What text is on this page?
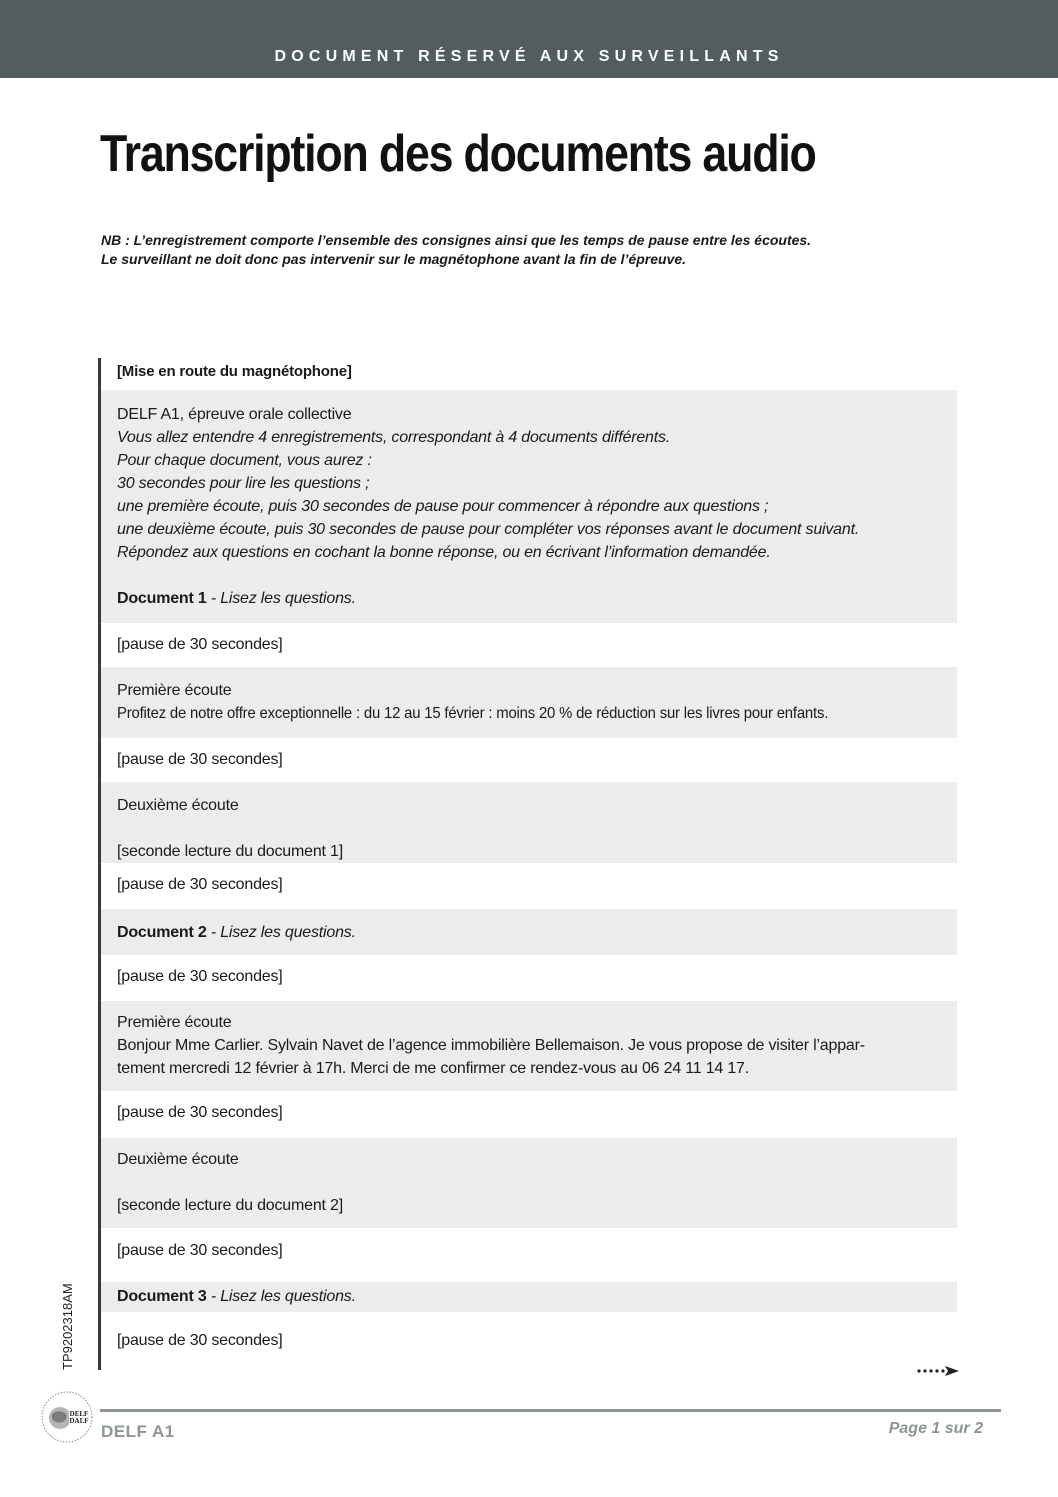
DOCUMENT RÉSERVÉ AUX SURVEILLANTS
Transcription des documents audio
NB : L’enregistrement comporte l’ensemble des consignes ainsi que les temps de pause entre les écoutes.
Le surveillant ne doit donc pas intervenir sur le magnétophone avant la fin de l’épreuve.
[Mise en route du magnétophone]
DELF A1, épreuve orale collective
Vous allez entendre 4 enregistrements, correspondant à 4 documents différents.
Pour chaque document, vous aurez :
30 secondes pour lire les questions ;
une première écoute, puis 30 secondes de pause pour commencer à répondre aux questions ;
une deuxième écoute, puis 30 secondes de pause pour compléter vos réponses avant le document suivant.
Répondez aux questions en cochant la bonne réponse, ou en écrivant l’information demandée.
Document 1 - Lisez les questions.
[pause de 30 secondes]
Première écoute
Profitez de notre offre exceptionnelle : du 12 au 15 février : moins 20 % de réduction sur les livres pour enfants.
[pause de 30 secondes]
Deuxième écoute
[seconde lecture du document 1]
[pause de 30 secondes]
Document 2 - Lisez les questions.
[pause de 30 secondes]
Première écoute
Bonjour Mme Carlier. Sylvain Navet de l’agence immobilière Bellemaison. Je vous propose de visiter l’appar-
tement mercredi 12 février à 17h. Merci de me confirmer ce rendez-vous au 06 24 11 14 17.
[pause de 30 secondes]
Deuxième écoute
[seconde lecture du document 2]
[pause de 30 secondes]
Document 3 - Lisez les questions.
[pause de 30 secondes]
TP9202318AM
DELF
DALF
DELF A1	Page 1 sur 2
